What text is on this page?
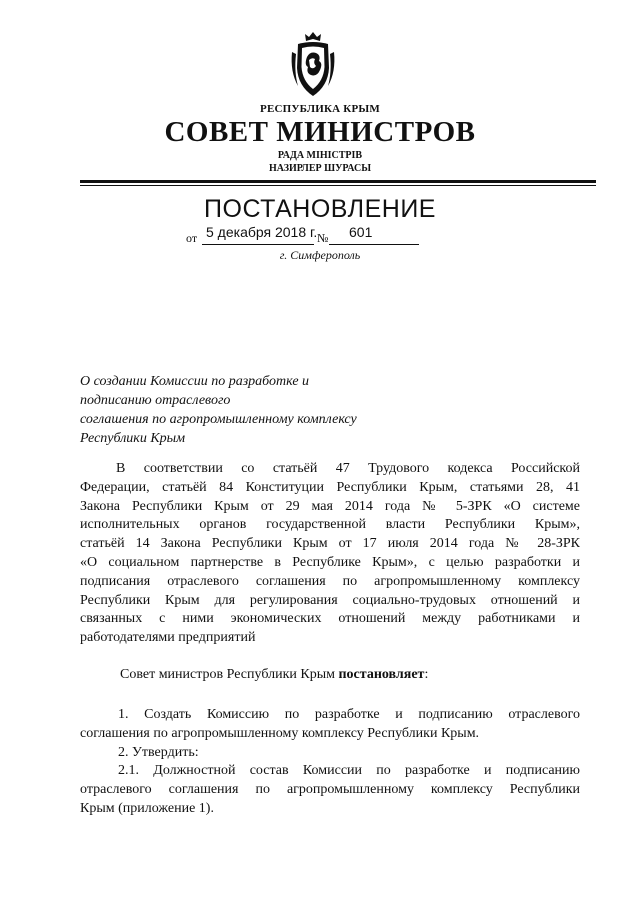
РЕСПУБЛИКА КРЫМ
СОВЕТ МИНИСТРОВ
РАДА МІНІСТРІВ
НАЗИРЛЕР ШУРАСЫ
ПОСТАНОВЛЕНИЕ
от 5 декабря 2018 г. № 601
г. Симферополь
О создании Комиссии по разработке и
подписанию отраслевого
соглашения по агропромышленному комплексу
Республики Крым
В соответствии со статьёй 47 Трудового кодекса Российской
Федерации, статьёй 84 Конституции Республики Крым, статьями 28, 41
Закона Республики Крым от 29 мая 2014 года № 5-ЗРК «О системе
исполнительных органов государственной власти Республики Крым»,
статьёй 14 Закона Республики Крым от 17 июля 2014 года № 28-ЗРК
«О социальном партнерстве в Республике Крым», с целью разработки и
подписания отраслевого соглашения по агропромышленному комплексу
Республики Крым для регулирования социально-трудовых отношений и
связанных с ними экономических отношений между работниками и
работодателями предприятий
Совет министров Республики Крым постановляет:
1. Создать Комиссию по разработке и подписанию отраслевого
соглашения по агропромышленному комплексу Республики Крым.
2. Утвердить:
2.1. Должностной состав Комиссии по разработке и подписанию
отраслевого соглашения по агропромышленному комплексу Республики
Крым (приложение 1).
